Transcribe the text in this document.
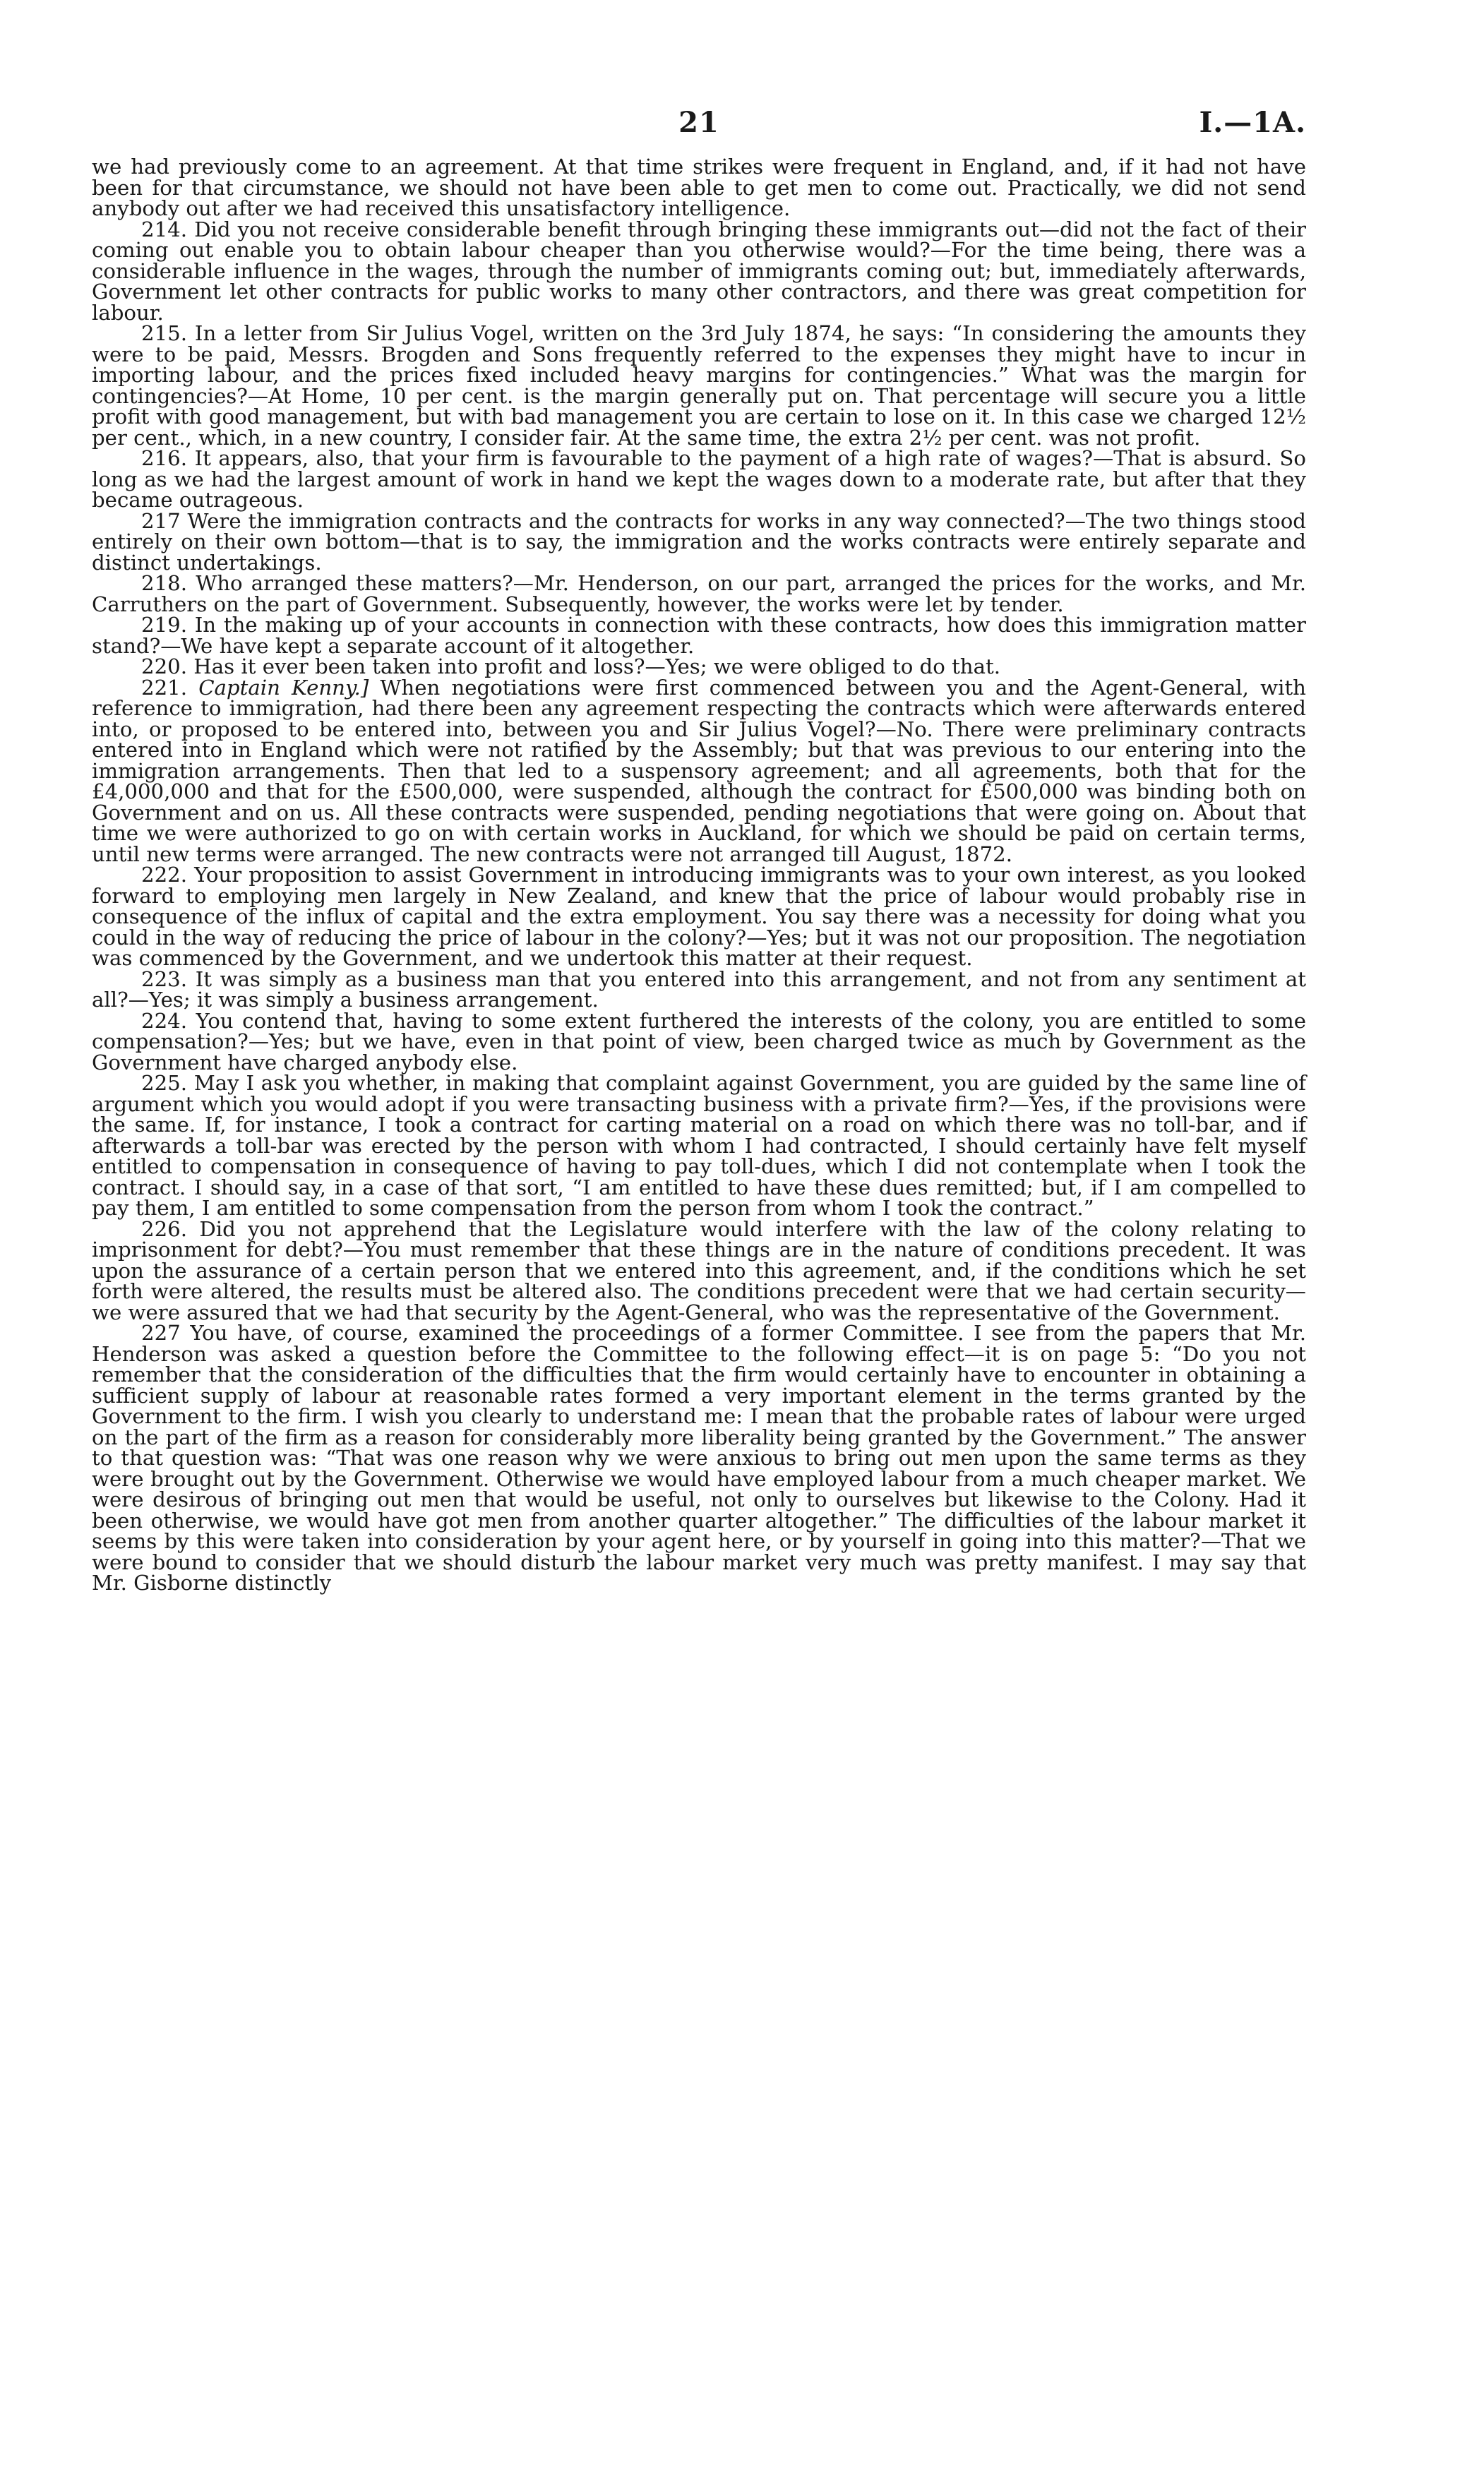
21	I.—1A.

we had previously come to an agreement. At that time strikes were frequent in England, and, if it had not have been for that circumstance, we should not have been able to get men to come out. Practically, we did not send anybody out after we had received this unsatisfactory intelligence.

214. Did you not receive considerable benefit through bringing these immigrants out—did not the fact of their coming out enable you to obtain labour cheaper than you otherwise would?—For the time being, there was a considerable influence in the wages, through the number of immigrants coming out; but, immediately afterwards, Government let other contracts for public works to many other contractors, and there was great competition for labour.

215. In a letter from Sir Julius Vogel, written on the 3rd July 1874, he says: “In considering the amounts they were to be paid, Messrs. Brogden and Sons frequently referred to the expenses they might have to incur in importing labour, and the prices fixed included heavy margins for contingencies.” What was the margin for contingencies?—At Home, 10 per cent. is the margin generally put on. That percentage will secure you a little profit with good management, but with bad management you are certain to lose on it. In this case we charged 12½ per cent., which, in a new country, I consider fair. At the same time, the extra 2½ per cent. was not profit.

216. It appears, also, that your firm is favourable to the payment of a high rate of wages?—That is absurd. So long as we had the largest amount of work in hand we kept the wages down to a moderate rate, but after that they became outrageous.

217 Were the immigration contracts and the contracts for works in any way connected?—The two things stood entirely on their own bottom—that is to say, the immigration and the works contracts were entirely separate and distinct undertakings.

218. Who arranged these matters?—Mr. Henderson, on our part, arranged the prices for the works, and Mr. Carruthers on the part of Government. Subsequently, however, the works were let by tender.

219. In the making up of your accounts in connection with these contracts, how does this immigration matter stand?—We have kept a separate account of it altogether.

220. Has it ever been taken into profit and loss?—Yes; we were obliged to do that.

221. Captain Kenny.] When negotiations were first commenced between you and the Agent-General, with reference to immigration, had there been any agreement respecting the contracts which were afterwards entered into, or proposed to be entered into, between you and Sir Julius Vogel?—No. There were preliminary contracts entered into in England which were not ratified by the Assembly; but that was previous to our entering into the immigration arrangements. Then that led to a suspensory agreement; and all agreements, both that for the £4,000,000 and that for the £500,000, were suspended, although the contract for £500,000 was binding both on Government and on us. All these contracts were suspended, pending negotiations that were going on. About that time we were authorized to go on with certain works in Auckland, for which we should be paid on certain terms, until new terms were arranged. The new contracts were not arranged till August, 1872.

222. Your proposition to assist Government in introducing immigrants was to your own interest, as you looked forward to employing men largely in New Zealand, and knew that the price of labour would probably rise in consequence of the influx of capital and the extra employment. You say there was a necessity for doing what you could in the way of reducing the price of labour in the colony?—Yes; but it was not our proposition. The negotiation was commenced by the Government, and we undertook this matter at their request.

223. It was simply as a business man that you entered into this arrangement, and not from any sentiment at all?—Yes; it was simply a business arrangement.

224. You contend that, having to some extent furthered the interests of the colony, you are entitled to some compensation?—Yes; but we have, even in that point of view, been charged twice as much by Government as the Government have charged anybody else.

225. May I ask you whether, in making that complaint against Government, you are guided by the same line of argument which you would adopt if you were transacting business with a private firm?—Yes, if the provisions were the same. If, for instance, I took a contract for carting material on a road on which there was no toll-bar, and if afterwards a toll-bar was erected by the person with whom I had contracted, I should certainly have felt myself entitled to compensation in consequence of having to pay toll-dues, which I did not contemplate when I took the contract. I should say, in a case of that sort, “I am entitled to have these dues remitted; but, if I am compelled to pay them, I am entitled to some compensation from the person from whom I took the contract.”

226. Did you not apprehend that the Legislature would interfere with the law of the colony relating to imprisonment for debt?—You must remember that these things are in the nature of conditions precedent. It was upon the assurance of a certain person that we entered into this agreement, and, if the conditions which he set forth were altered, the results must be altered also. The conditions precedent were that we had certain security—we were assured that we had that security by the Agent-General, who was the representative of the Government.

227 You have, of course, examined the proceedings of a former Committee. I see from the papers that Mr. Henderson was asked a question before the Committee to the following effect—it is on page 5: “Do you not remember that the consideration of the difficulties that the firm would certainly have to encounter in obtaining a sufficient supply of labour at reasonable rates formed a very important element in the terms granted by the Government to the firm. I wish you clearly to understand me: I mean that the probable rates of labour were urged on the part of the firm as a reason for considerably more liberality being granted by the Government.” The answer to that question was: “That was one reason why we were anxious to bring out men upon the same terms as they were brought out by the Government. Otherwise we would have employed labour from a much cheaper market. We were desirous of bringing out men that would be useful, not only to ourselves but likewise to the Colony. Had it been otherwise, we would have got men from another quarter altogether.” The difficulties of the labour market it seems by this were taken into consideration by your agent here, or by yourself in going into this matter?—That we were bound to consider that we should disturb the labour market very much was pretty manifest. I may say that Mr. Gisborne distinctly
